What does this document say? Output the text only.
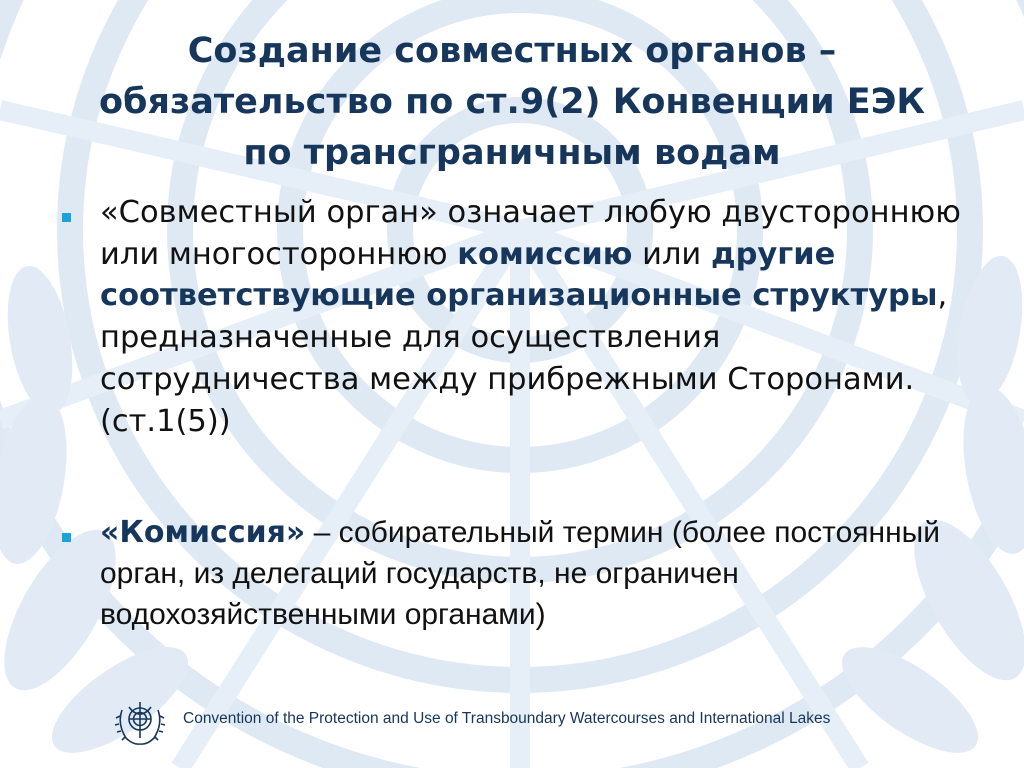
Создание совместных органов –
обязательство по ст.9(2) Конвенции ЕЭК
по трансграничным водам
«Совместный орган» означает любую двустороннюю или многостороннюю комиссию или другие соответствующие организационные структуры, предназначенные для осуществления сотрудничества между прибрежными Сторонами.(ст.1(5))
«Комиссия» – собирательный термин (более постоянный орган, из делегаций государств, не ограничен водохозяйственными органами)
Convention of the Protection and Use of Transboundary Watercourses and International Lakes
